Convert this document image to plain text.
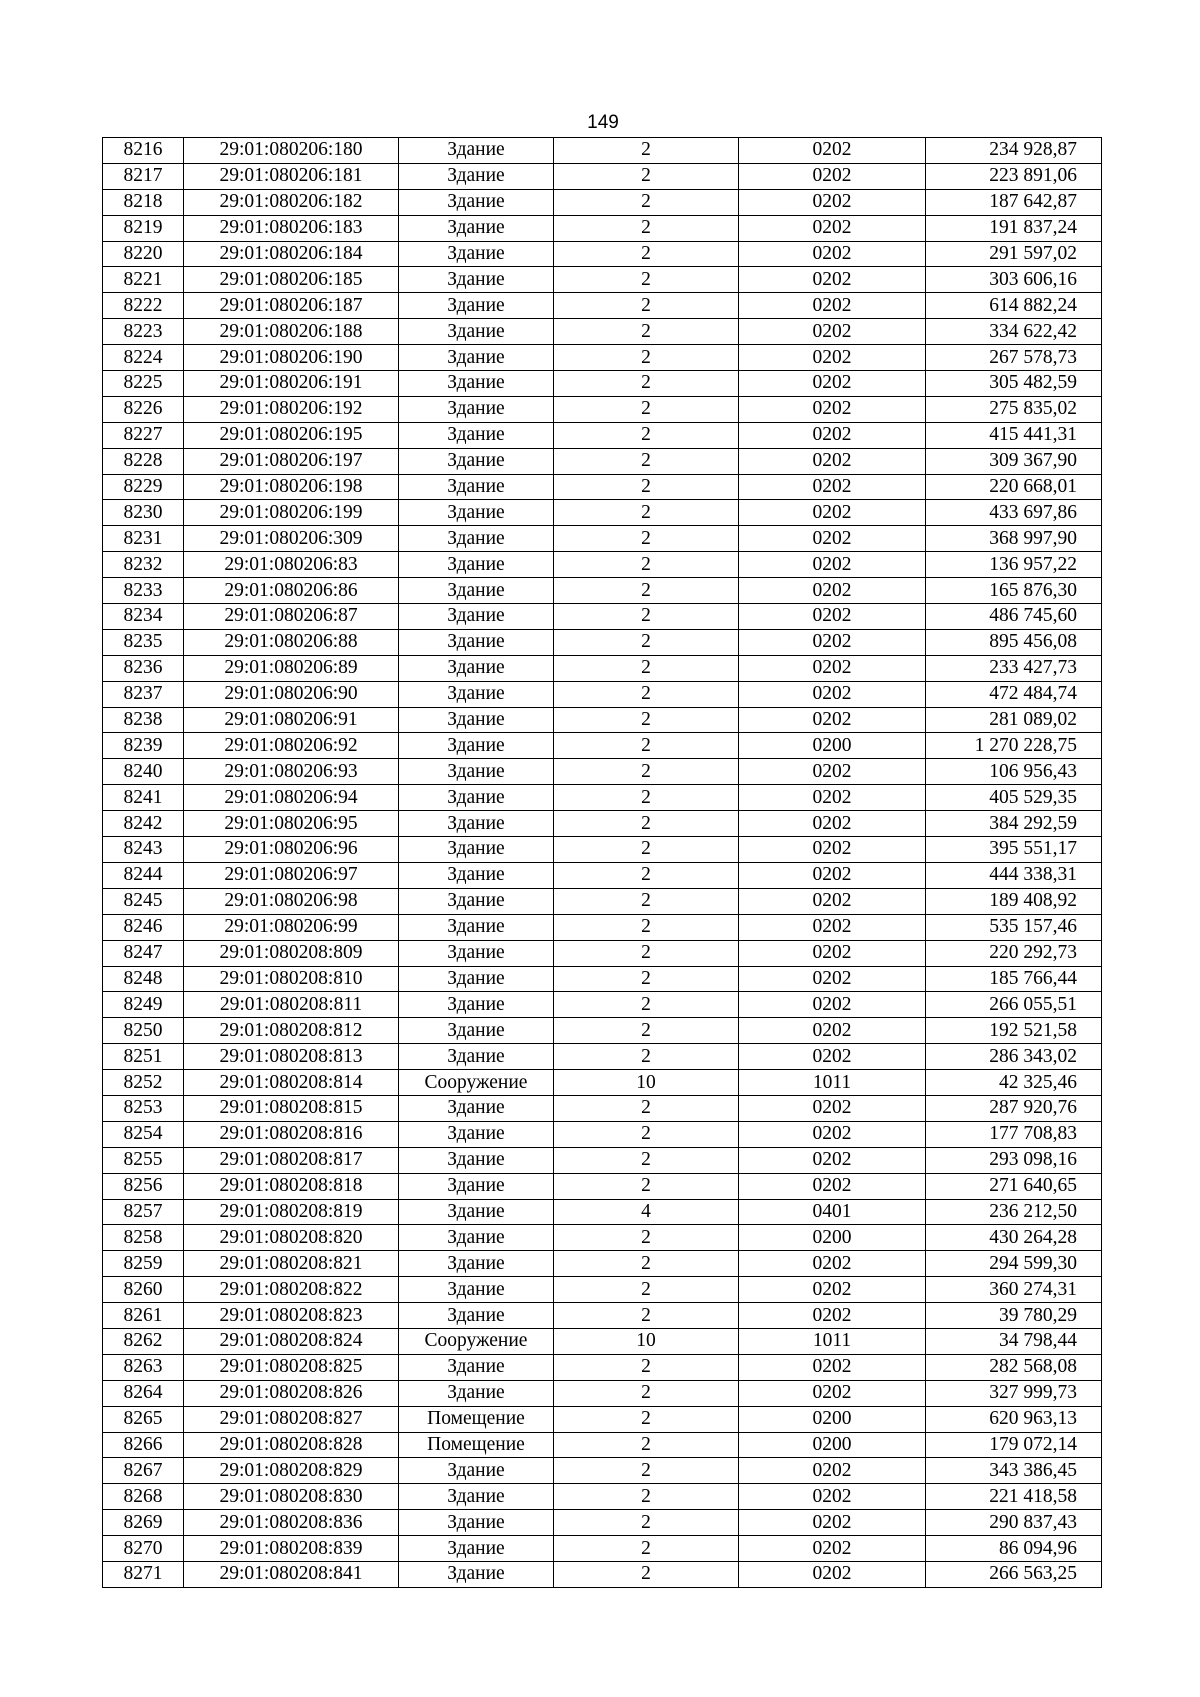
149
8216	29:01:080206:180	Здание	2	0202	234 928,87
8217	29:01:080206:181	Здание	2	0202	223 891,06
8218	29:01:080206:182	Здание	2	0202	187 642,87
8219	29:01:080206:183	Здание	2	0202	191 837,24
8220	29:01:080206:184	Здание	2	0202	291 597,02
8221	29:01:080206:185	Здание	2	0202	303 606,16
8222	29:01:080206:187	Здание	2	0202	614 882,24
8223	29:01:080206:188	Здание	2	0202	334 622,42
8224	29:01:080206:190	Здание	2	0202	267 578,73
8225	29:01:080206:191	Здание	2	0202	305 482,59
8226	29:01:080206:192	Здание	2	0202	275 835,02
8227	29:01:080206:195	Здание	2	0202	415 441,31
8228	29:01:080206:197	Здание	2	0202	309 367,90
8229	29:01:080206:198	Здание	2	0202	220 668,01
8230	29:01:080206:199	Здание	2	0202	433 697,86
8231	29:01:080206:309	Здание	2	0202	368 997,90
8232	29:01:080206:83	Здание	2	0202	136 957,22
8233	29:01:080206:86	Здание	2	0202	165 876,30
8234	29:01:080206:87	Здание	2	0202	486 745,60
8235	29:01:080206:88	Здание	2	0202	895 456,08
8236	29:01:080206:89	Здание	2	0202	233 427,73
8237	29:01:080206:90	Здание	2	0202	472 484,74
8238	29:01:080206:91	Здание	2	0202	281 089,02
8239	29:01:080206:92	Здание	2	0200	1 270 228,75
8240	29:01:080206:93	Здание	2	0202	106 956,43
8241	29:01:080206:94	Здание	2	0202	405 529,35
8242	29:01:080206:95	Здание	2	0202	384 292,59
8243	29:01:080206:96	Здание	2	0202	395 551,17
8244	29:01:080206:97	Здание	2	0202	444 338,31
8245	29:01:080206:98	Здание	2	0202	189 408,92
8246	29:01:080206:99	Здание	2	0202	535 157,46
8247	29:01:080208:809	Здание	2	0202	220 292,73
8248	29:01:080208:810	Здание	2	0202	185 766,44
8249	29:01:080208:811	Здание	2	0202	266 055,51
8250	29:01:080208:812	Здание	2	0202	192 521,58
8251	29:01:080208:813	Здание	2	0202	286 343,02
8252	29:01:080208:814	Сооружение	10	1011	42 325,46
8253	29:01:080208:815	Здание	2	0202	287 920,76
8254	29:01:080208:816	Здание	2	0202	177 708,83
8255	29:01:080208:817	Здание	2	0202	293 098,16
8256	29:01:080208:818	Здание	2	0202	271 640,65
8257	29:01:080208:819	Здание	4	0401	236 212,50
8258	29:01:080208:820	Здание	2	0200	430 264,28
8259	29:01:080208:821	Здание	2	0202	294 599,30
8260	29:01:080208:822	Здание	2	0202	360 274,31
8261	29:01:080208:823	Здание	2	0202	39 780,29
8262	29:01:080208:824	Сооружение	10	1011	34 798,44
8263	29:01:080208:825	Здание	2	0202	282 568,08
8264	29:01:080208:826	Здание	2	0202	327 999,73
8265	29:01:080208:827	Помещение	2	0200	620 963,13
8266	29:01:080208:828	Помещение	2	0200	179 072,14
8267	29:01:080208:829	Здание	2	0202	343 386,45
8268	29:01:080208:830	Здание	2	0202	221 418,58
8269	29:01:080208:836	Здание	2	0202	290 837,43
8270	29:01:080208:839	Здание	2	0202	86 094,96
8271	29:01:080208:841	Здание	2	0202	266 563,25
